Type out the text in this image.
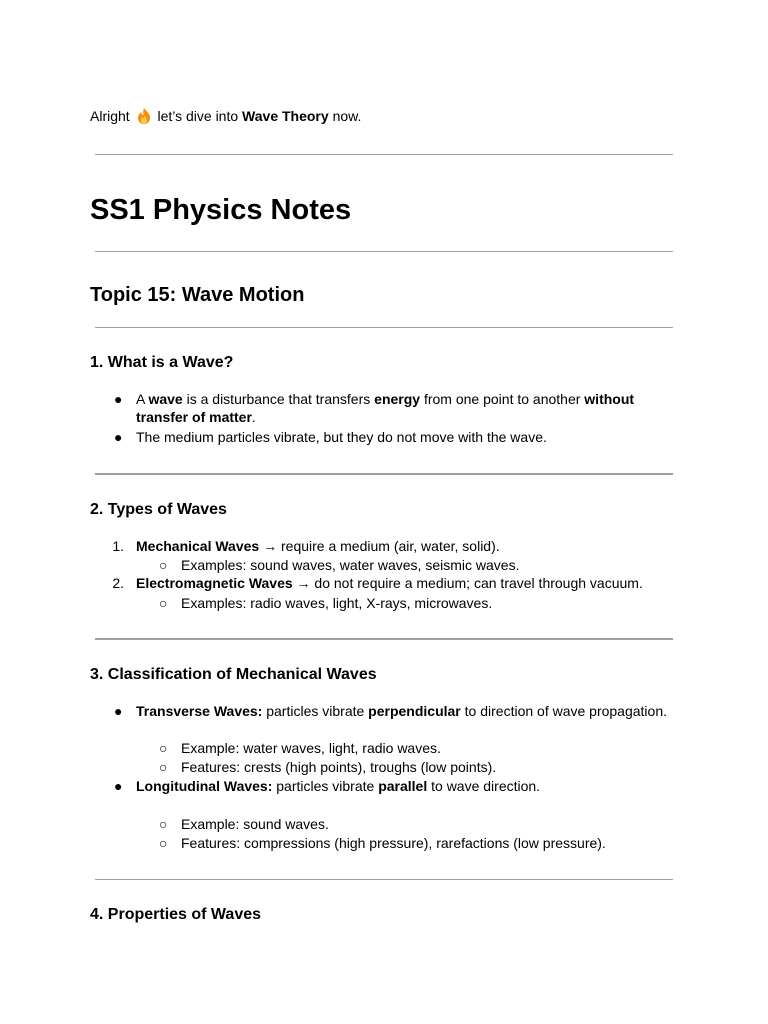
Alright let’s dive into Wave Theory now.
SS1 Physics Notes
Topic 15: Wave Motion
1. What is a Wave?
● A wave is a disturbance that transfers energy from one point to another without
transfer of matter.
● The medium particles vibrate, but they do not move with the wave.
2. Types of Waves
1. Mechanical Waves → require a medium (air, water, solid).
○ Examples: sound waves, water waves, seismic waves.
2. Electromagnetic Waves → do not require a medium; can travel through vacuum.
○ Examples: radio waves, light, X-rays, microwaves.
3. Classification of Mechanical Waves
● Transverse Waves: particles vibrate perpendicular to direction of wave propagation.
○ Example: water waves, light, radio waves.
○ Features: crests (high points), troughs (low points).
● Longitudinal Waves: particles vibrate parallel to wave direction.
○ Example: sound waves.
○ Features: compressions (high pressure), rarefactions (low pressure).
4. Properties of Waves
